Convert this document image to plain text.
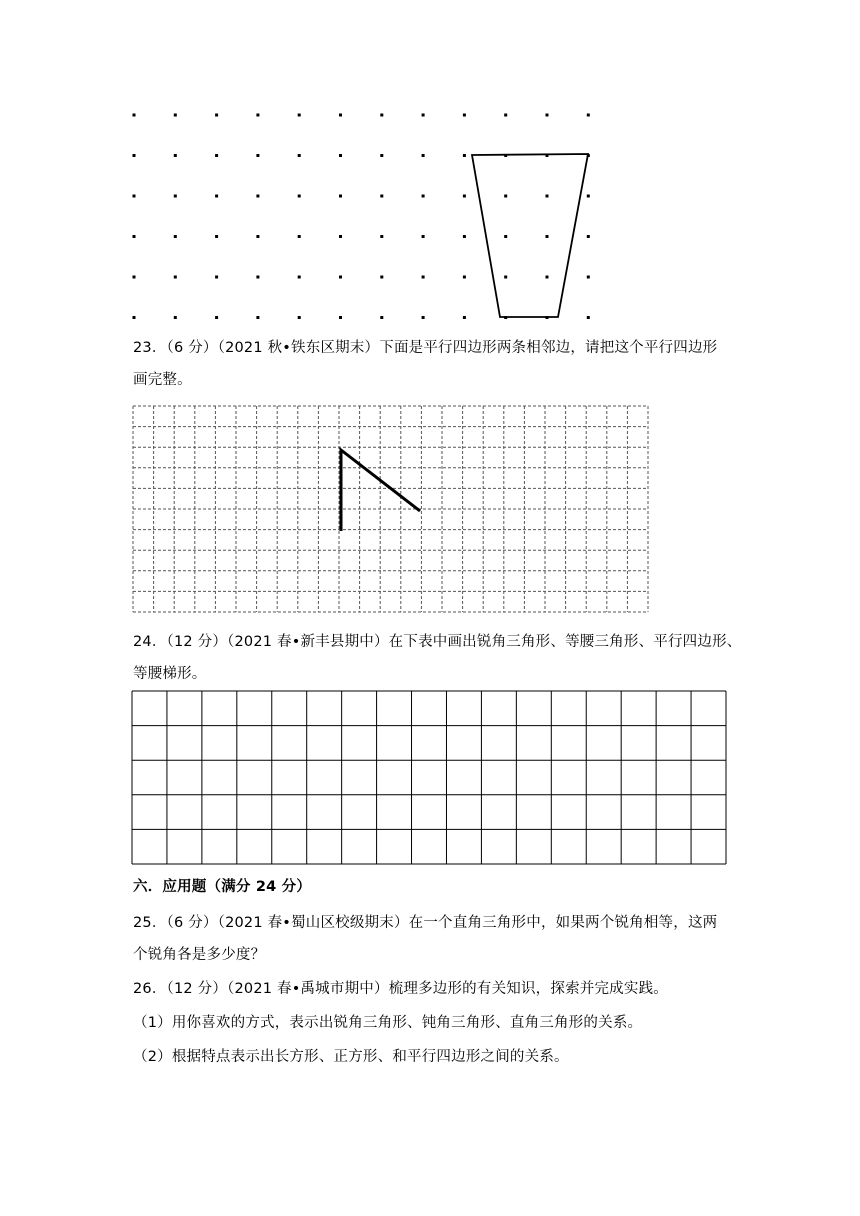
23．（6 分）（2021 秋•铁东区期末）下面是平行四边形两条相邻边，请把这个平行四边形
画完整。
24．（12 分）（2021 春•新丰县期中）在下表中画出锐角三角形、等腰三角形、平行四边形、
等腰梯形。
六．应用题（满分 24 分）
25．（6 分）（2021 春•蜀山区校级期末）在一个直角三角形中，如果两个锐角相等，这两
个锐角各是多少度？
26．（12 分）（2021 春•禹城市期中）梳理多边形的有关知识，探索并完成实践。
（1）用你喜欢的方式，表示出锐角三角形、钝角三角形、直角三角形的关系。
（2）根据特点表示出长方形、正方形、和平行四边形之间的关系。
